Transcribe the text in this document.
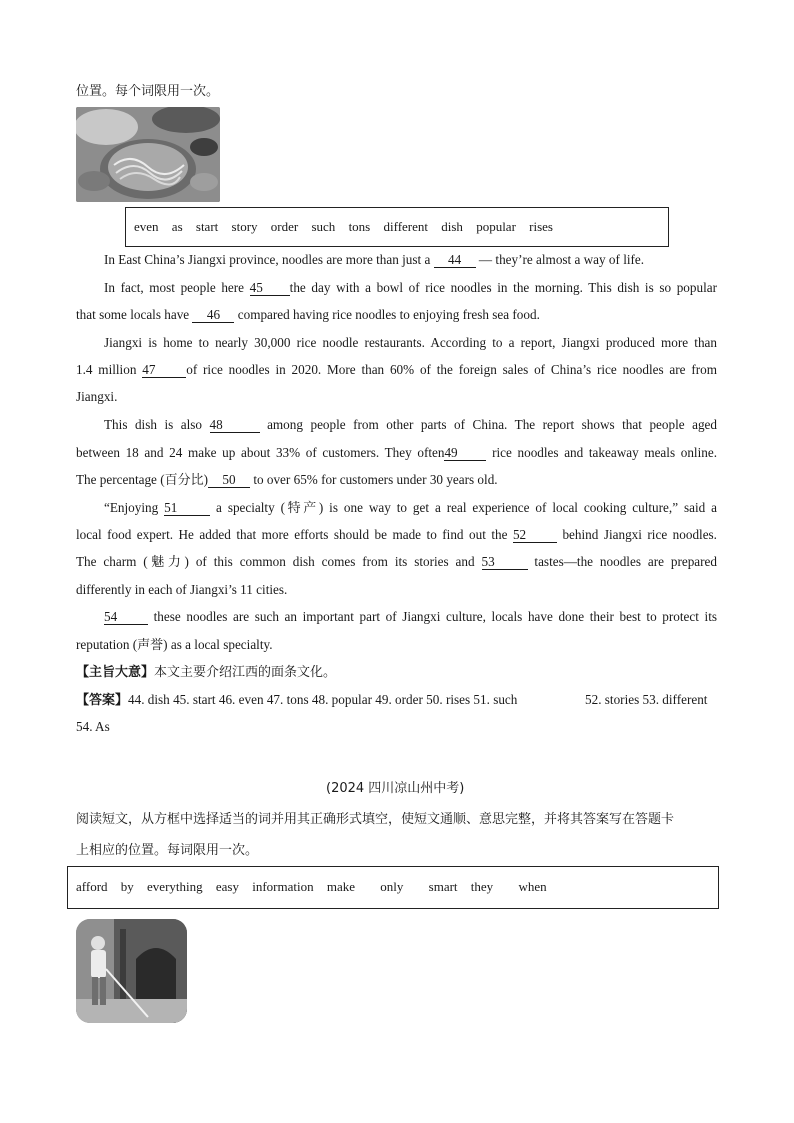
位置。每个词限用一次。
even as start story order such tons different dish popular rises
In East China’s Jiangxi province, noodles are more than just a 44 — they’re almost a way of life.
In fact, most people here 45 the day with a bowl of rice noodles in the morning. This dish is so popular
that some locals have 46 compared having rice noodles to enjoying fresh sea food.
Jiangxi is home to nearly 30,000 rice noodle restaurants. According to a report, Jiangxi produced more than
1.4 million 47 of rice noodles in 2020. More than 60% of the foreign sales of China’s rice noodles are from
Jiangxi.
This dish is also 48	among people from other parts of China. The report shows that people aged
between 18 and 24 make up about 33% of customers. They often49 rice noodles and takeaway meals online.
The percentage (百分比) 50 to over 65% for customers under 30 years old.
“Enjoying 51 a specialty (特产) is one way to get a real experience of local cooking culture,” said a
local food expert. He added that more efforts should be made to find out the 52 behind Jiangxi rice noodles.
The charm (魅力) of this common dish comes from its stories and 53 tastes—the noodles are prepared
differently in each of Jiangxi’s 11 cities.
54 these noodles are such an important part of Jiangxi culture, locals have done their best to protect its
reputation (声誉) as a local specialty.
【主旨大意】本文主要介绍江西的面条文化。
【答案】44. dish 45. start 46. even 47. tons 48. popular 49. order 50. rises 51. such	52. stories 53. different
54. As
(2024 四川凉山州中考)
阅读短文，从方框中选择适当的词并用其正确形式填空，使短文通顺、意思完整，并将其答案写在答题卡
上相应的位置。每词限用一次。
afford by everything easy information make only smart they when
